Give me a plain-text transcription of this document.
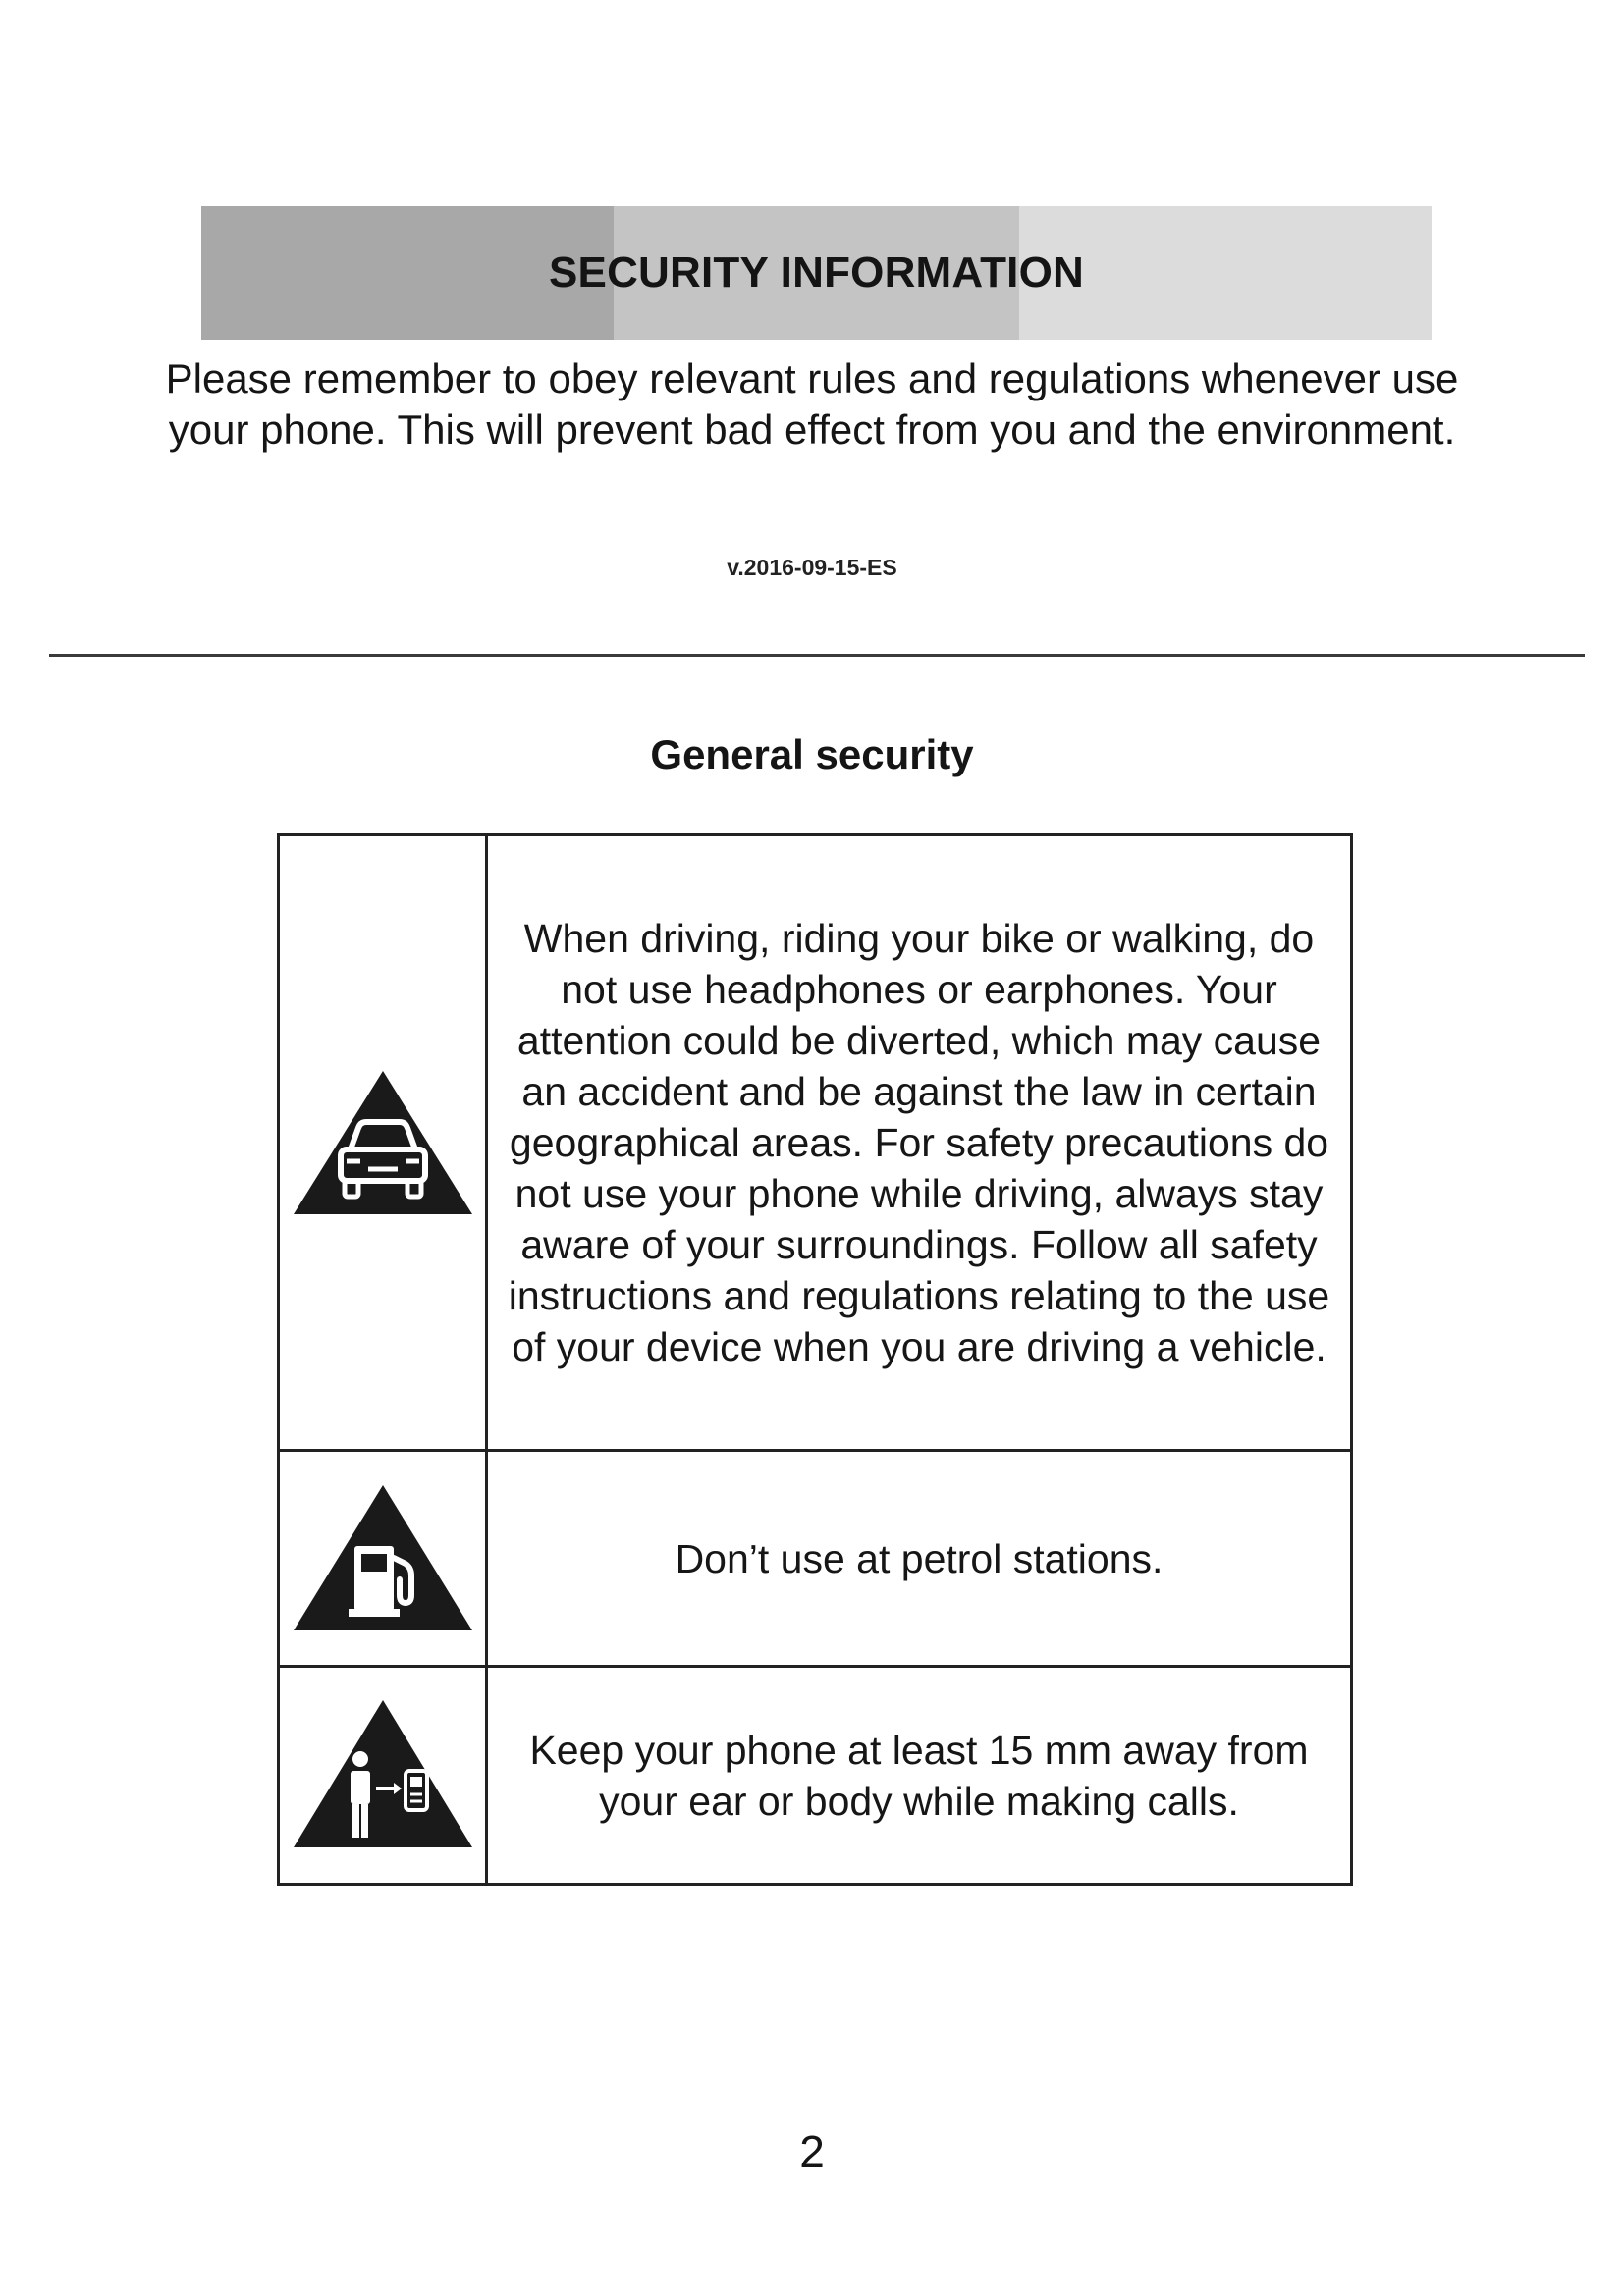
SECURITY INFORMATION
Please remember to obey relevant rules and regulations whenever use your phone. This will prevent bad effect from you and the environment.
v.2016-09-15-ES
General security
When driving, riding your bike or walking, do not use headphones or earphones. Your attention could be diverted, which may cause an accident and be against the law in certain geographical areas. For safety precautions do not use your phone while driving, always stay aware of your surroundings. Follow all safety instructions and regulations relating to the use of your device when you are driving a vehicle.
Don’t use at petrol stations.
Keep your phone at least 15 mm away from your ear or body while making calls.
2
